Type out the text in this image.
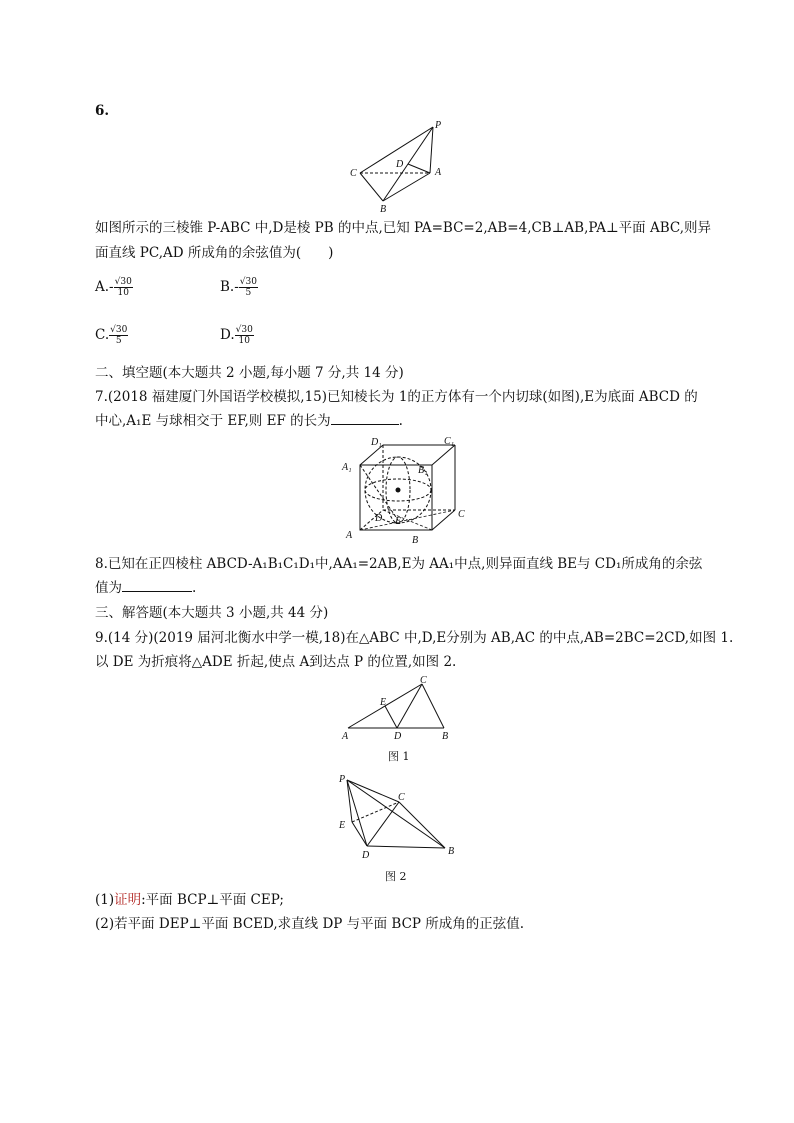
6.
P
C
D
A
B
如图所示的三棱锥 P-ABC 中,D是棱 PB 的中点,已知 PA=BC=2,AB=4,CB⊥AB,PA⊥平面 ABC,则异
面直线 PC,AD 所成角的余弦值为(　　)
$A.- \frac{√30}{10}$	$B.- \frac{√30}{5}$
C. $\frac{√30}{5}$	D. $\frac{√30}{10}$
二、填空题(本大题共 2 小题,每小题 7 分,共 14 分)
7.(2018 福建厦门外国语学校模拟,15)已知棱长为 1的正方体有一个内切球(如图),E为底面 ABCD 的
中心,A₁E 与球相交于 EF,则 EF 的长为	.
D₁	C₁
A₁	B₁
D E
C
A	B
8.已知在正四棱柱 ABCD-A₁B₁C₁D₁中,AA₁=2AB,E为 AA₁中点,则异面直线 BE与 CD₁所成角的余弦
值为	.
三、解答题(本大题共 3 小题,共 44 分)
9.(14 分)(2019 届河北衡水中学一模,18)在△ABC 中,D,E分别为 AB,AC 的中点,AB=2BC=2CD,如图 1.
以 DE 为折痕将△ADE 折起,使点 A到达点 P 的位置,如图 2.
C
E
A	D	B
图 1
P
C
E
D	B
图 2
(1)证明:平面 BCP⊥平面 CEP;
(2)若平面 DEP⊥平面 BCED,求直线 DP 与平面 BCP 所成角的正弦值.
